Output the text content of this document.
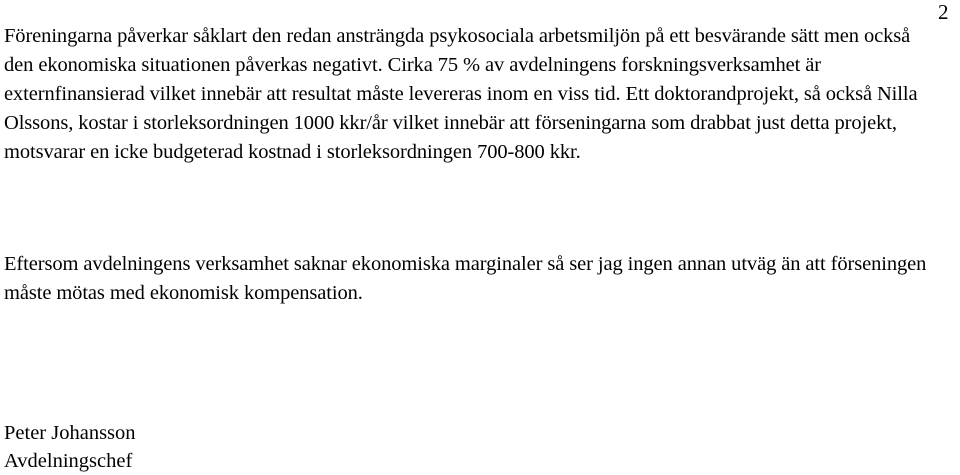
2

Föreningarna påverkar såklart den redan ansträngda psykosociala arbetsmiljön på ett besvärande sätt men också den ekonomiska situationen påverkas negativt. Cirka 75 % av avdelningens forskningsverksamhet är externfinansierad vilket innebär att resultat måste levereras inom en viss tid. Ett doktorandprojekt, så också Nilla Olssons, kostar i storleksordningen 1000 kkr/år vilket innebär att förseningarna som drabbat just detta projekt, motsvarar en icke budgeterad kostnad i storleksordningen 700-800 kkr.

Eftersom avdelningens verksamhet saknar ekonomiska marginaler så ser jag ingen annan utväg än att förseningen måste mötas med ekonomisk kompensation.

Peter Johansson
Avdelningschef
